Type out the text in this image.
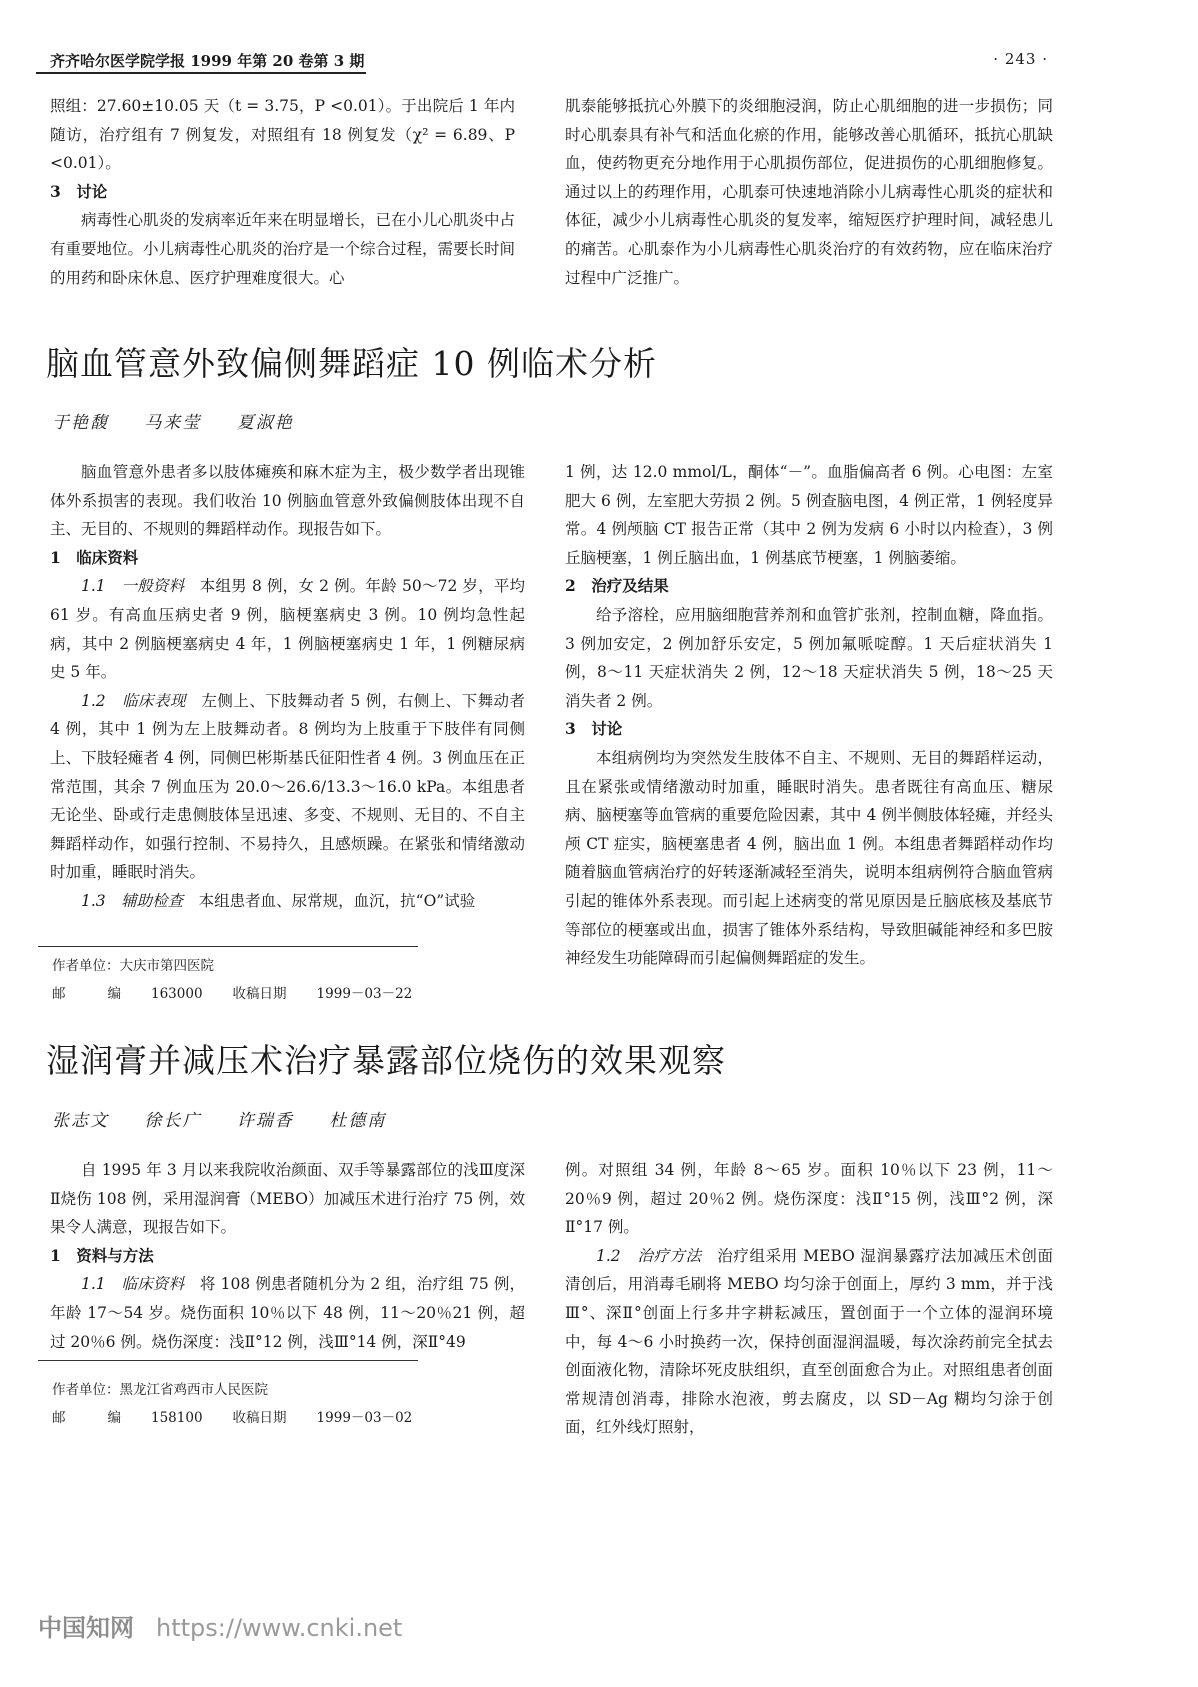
齐齐哈尔医学院学报 1999 年第 20 卷第 3 期	· 243 ·

照组：27.60±10.05 天（t = 3.75，P <0.01）。于出院后 1 年内随访，治疗组有 7 例复发，对照组有 18 例复发（χ² = 6.89、P <0.01）。

3　讨论

病毒性心肌炎的发病率近年来在明显增长，已在小儿心肌炎中占有重要地位。小儿病毒性心肌炎的治疗是一个综合过程，需要长时间的用药和卧床休息、医疗护理难度很大。心

肌泰能够抵抗心外膜下的炎细胞浸润，防止心肌细胞的进一步损伤；同时心肌泰具有补气和活血化瘀的作用，能够改善心肌循环，抵抗心肌缺血，使药物更充分地作用于心肌损伤部位，促进损伤的心肌细胞修复。通过以上的药理作用，心肌泰可快速地消除小儿病毒性心肌炎的症状和体征，减少小儿病毒性心肌炎的复发率，缩短医疗护理时间，减轻患儿的痛苦。心肌泰作为小儿病毒性心肌炎治疗的有效药物，应在临床治疗过程中广泛推广。

脑血管意外致偏侧舞蹈症 10 例临术分析
于艳馥 马来莹 夏淑艳

脑血管意外患者多以肢体瘫痪和麻木症为主，极少数学者出现锥体外系损害的表现。我们收治 10 例脑血管意外致偏侧肢体出现不自主、无目的、不规则的舞蹈样动作。现报告如下。

1　临床资料

1.1　一般资料 本组男 8 例，女 2 例。年龄 50～72 岁，平均 61 岁。有高血压病史者 9 例，脑梗塞病史 3 例。10 例均急性起病，其中 2 例脑梗塞病史 4 年，1 例脑梗塞病史 1 年，1 例糖尿病史 5 年。

1.2　临床表现 左侧上、下肢舞动者 5 例，右侧上、下舞动者 4 例，其中 1 例为左上肢舞动者。8 例均为上肢重于下肢伴有同侧上、下肢轻瘫者 4 例，同侧巴彬斯基氏征阳性者 4 例。3 例血压在正常范围，其余 7 例血压为 20.0～26.6/13.3～16.0 kPa。本组患者无论坐、卧或行走患侧肢体呈迅速、多变、不规则、无目的、不自主舞蹈样动作，如强行控制、不易持久，且感烦躁。在紧张和情绪激动时加重，睡眠时消失。

1.3　辅助检查 本组患者血、尿常规，血沉，抗“O”试验

1 例，达 12.0 mmol/L，酮体“－”。血脂偏高者 6 例。心电图：左室肥大 6 例，左室肥大劳损 2 例。5 例查脑电图，4 例正常，1 例轻度异常。4 例颅脑 CT 报告正常（其中 2 例为发病 6 小时以内检查），3 例丘脑梗塞，1 例丘脑出血，1 例基底节梗塞，1 例脑萎缩。

2　治疗及结果

给予溶栓，应用脑细胞营养剂和血管扩张剂，控制血糖，降血指。3 例加安定，2 例加舒乐安定，5 例加氟哌啶醇。1 天后症状消失 1 例，8～11 天症状消失 2 例，12～18 天症状消失 5 例，18～25 天消失者 2 例。

3　讨论

本组病例均为突然发生肢体不自主、不规则、无目的舞蹈样运动，且在紧张或情绪激动时加重，睡眠时消失。患者既往有高血压、糖尿病、脑梗塞等血管病的重要危险因素，其中 4 例半侧肢体轻瘫，并经头颅 CT 症实，脑梗塞患者 4 例，脑出血 1 例。本组患者舞蹈样动作均随着脑血管病治疗的好转逐渐减轻至消失，说明本组病例符合脑血管病引起的锥体外系表现。而引起上述病变的常见原因是丘脑底核及基底节等部位的梗塞或出血，损害了锥体外系结构，导致胆碱能神经和多巴胺神经发生功能障碍而引起偏侧舞蹈症的发生。

作者单位：大庆市第四医院
邮	编 163000 收稿日期 1999－03－22
湿润膏并减压术治疗暴露部位烧伤的效果观察
张志文 徐长广 许瑞香 杜德南

自 1995 年 3 月以来我院收治颜面、双手等暴露部位的浅Ⅲ度深Ⅱ烧伤 108 例，采用湿润膏（MEBO）加减压术进行治疗 75 例，效果令人满意，现报告如下。

1　资料与方法

1.1　临床资料 将 108 例患者随机分为 2 组，治疗组 75 例，年龄 17～54 岁。烧伤面积 10％以下 48 例，11～20％21 例，超过 20％6 例。烧伤深度：浅Ⅱ°12 例，浅Ⅲ°14 例，深Ⅱ°49

例。对照组 34 例，年龄 8～65 岁。面积 10％以下 23 例，11～20％9 例，超过 20％2 例。烧伤深度：浅Ⅱ°15 例，浅Ⅲ°2 例，深Ⅱ°17 例。

1.2　治疗方法 治疗组采用 MEBO 湿润暴露疗法加减压术创面清创后，用消毒毛刷将 MEBO 均匀涂于创面上，厚约 3 mm，并于浅Ⅲ°、深Ⅱ°创面上行多井字耕耘减压，置创面于一个立体的湿润环境中，每 4～6 小时换药一次，保持创面湿润温暖，每次涂药前完全拭去创面液化物，清除坏死皮肤组织，直至创面愈合为止。对照组患者创面常规清创消毒，排除水泡液，剪去腐皮，以 SD－Ag 糊均匀涂于创面，红外线灯照射，

作者单位：黑龙江省鸡西市人民医院
邮	编 158100 收稿日期 1999－03－02
中国知网 https://www.cnki.net
